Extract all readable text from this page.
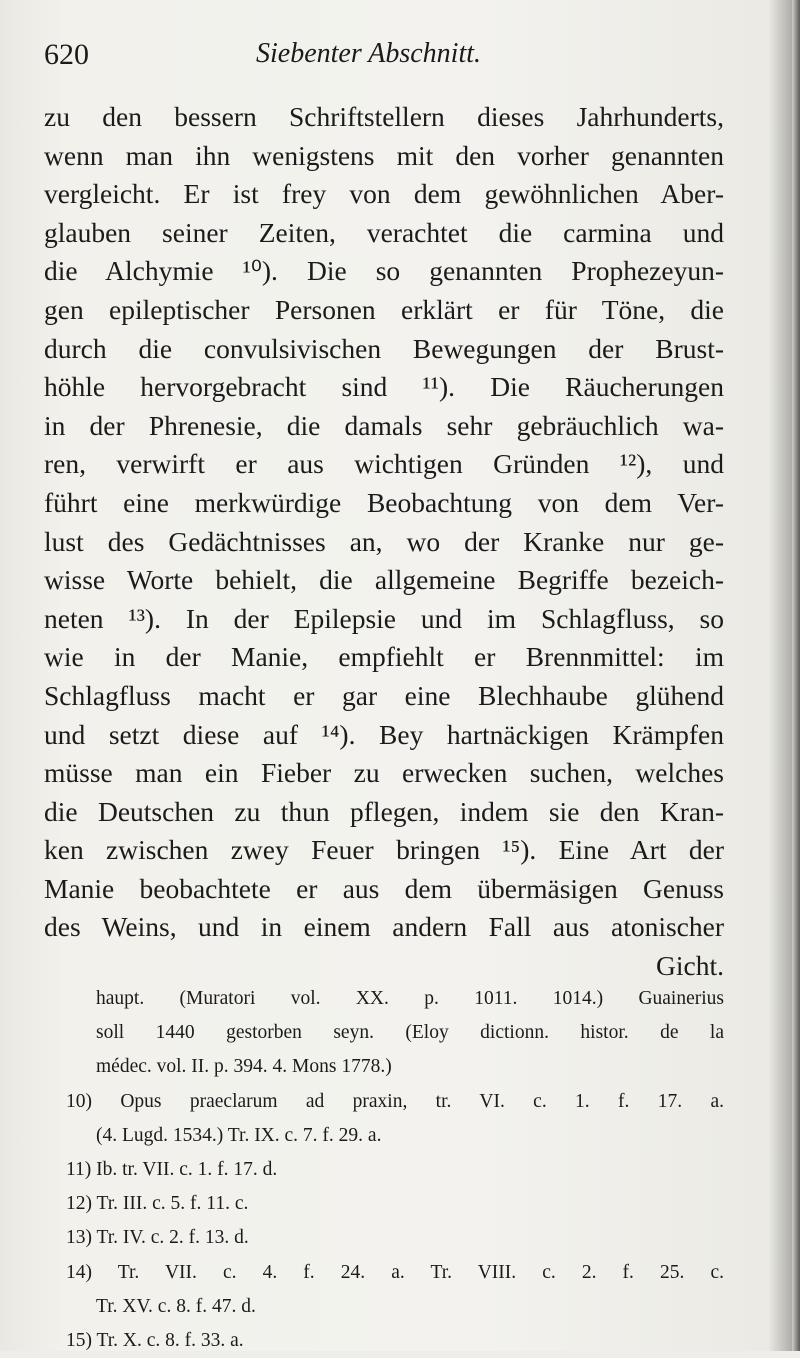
620	Siebenter Abschnitt.
zu den bessern Schriftstellern dieses Jahrhunderts,
wenn man ihn wenigstens mit den vorher genannten
vergleicht. Er ist frey von dem gewöhnlichen Aber-
glauben seiner Zeiten, verachtet die carmina und
die Alchymie ¹⁰). Die so genannten Prophezeyun-
gen epileptischer Personen erklärt er für Töne, die
durch die convulsivischen Bewegungen der Brust-
höhle hervorgebracht sind ¹¹). Die Räucherungen
in der Phrenesie, die damals sehr gebräuchlich wa-
ren, verwirft er aus wichtigen Gründen ¹²), und
führt eine merkwürdige Beobachtung von dem Ver-
lust des Gedächtnisses an, wo der Kranke nur ge-
wisse Worte behielt, die allgemeine Begriffe bezeich-
neten ¹³). In der Epilepsie und im Schlagfluss, so
wie in der Manie, empfiehlt er Brennmittel: im
Schlagfluss macht er gar eine Blechhaube glühend
und setzt diese auf ¹⁴). Bey hartnäckigen Krämpfen
müsse man ein Fieber zu erwecken suchen, welches
die Deutschen zu thun pflegen, indem sie den Kran-
ken zwischen zwey Feuer bringen ¹⁵). Eine Art der
Manie beobachtete er aus dem übermäsigen Genuss
des Weins, und in einem andern Fall aus atonischer
Gicht.
haupt. (Muratori vol. XX. p. 1011. 1014.) Guainerius
soll 1440 gestorben seyn. (Eloy dictionn. histor. de la
médec. vol. II. p. 394. 4. Mons 1778.)
10) Opus praeclarum ad praxin, tr. VI. c. 1. f. 17. a.
(4. Lugd. 1534.) Tr. IX. c. 7. f. 29. a.
11) Ib. tr. VII. c. 1. f. 17. d.
12) Tr. III. c. 5. f. 11. c.
13) Tr. IV. c. 2. f. 13. d.
14) Tr. VII. c. 4. f. 24. a. Tr. VIII. c. 2. f. 25. c.
Tr. XV. c. 8. f. 47. d.
15) Tr. X. c. 8. f. 33. a.
